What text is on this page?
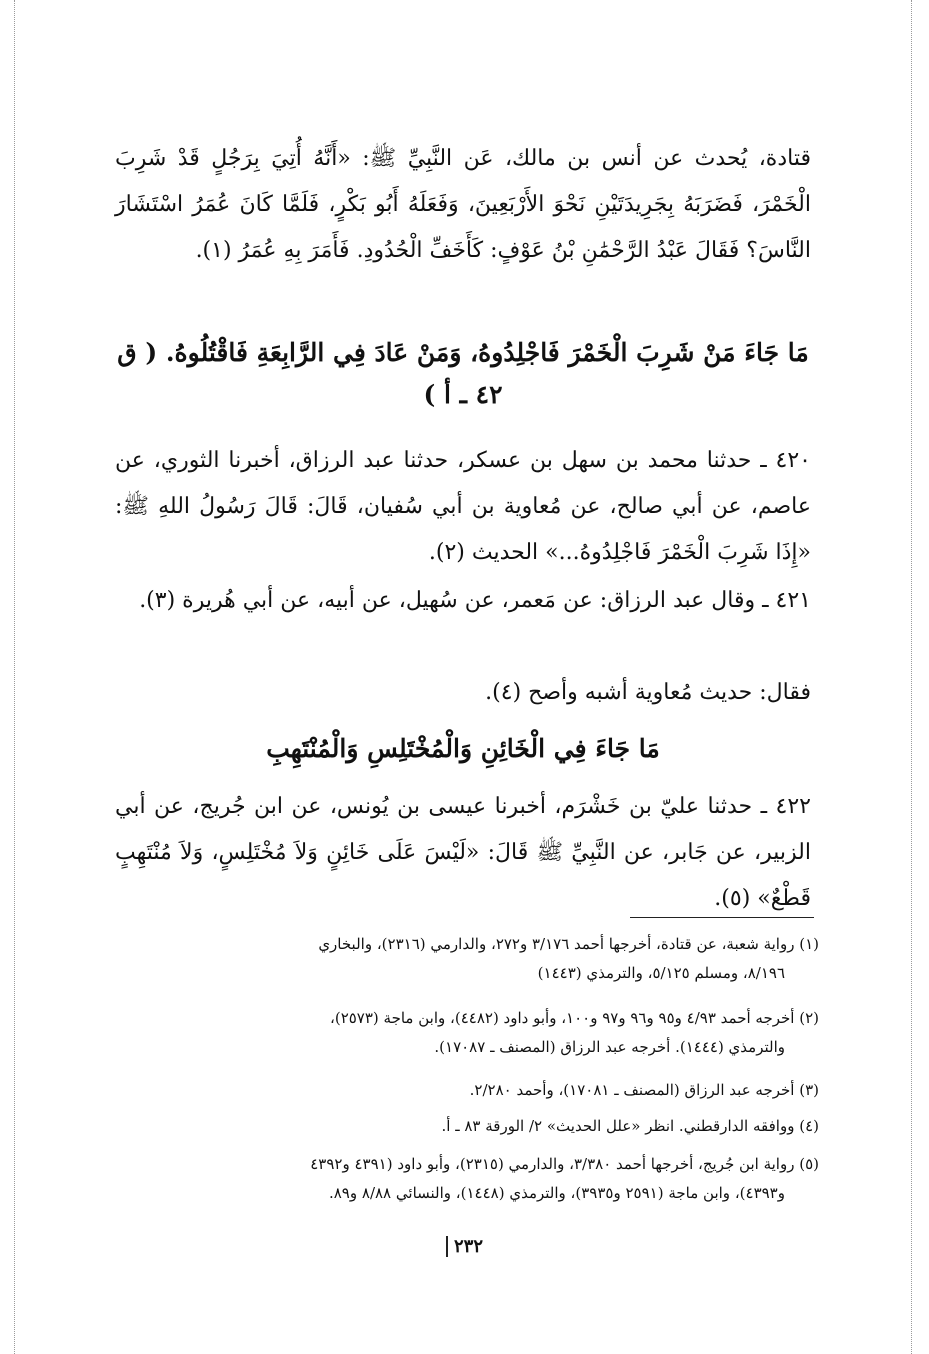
قتادة، يُحدث عن أنس بن مالك، عَن النَّبِيِّ ﷺ: «أَنَّهُ أُتِيَ بِرَجُلٍ قَدْ شَرِبَ الْخَمْرَ، فَضَرَبَهُ بِجَرِيدَتَيْنِ نَحْوَ الأَرْبَعِينَ، وَفَعَلَهُ أَبُو بَكْرٍ، فَلَمَّا كَانَ عُمَرُ اسْتَشَارَ النَّاسَ؟ فَقَالَ عَبْدُ الرَّحْمَٰنِ بْنُ عَوْفٍ: كَأَخَفِّ الْحُدُودِ. فَأَمَرَ بِهِ عُمَرُ (١).

مَا جَاءَ مَنْ شَرِبَ الْخَمْرَ فَاجْلِدُوهُ، وَمَنْ عَادَ فِي الرَّابِعَةِ فَاقْتُلُوهُ. ( ق ٤٢ ـ أ )

٤٢٠ ـ حدثنا محمد بن سهل بن عسكر، حدثنا عبد الرزاق، أخبرنا الثوري، عن عاصم، عن أبي صالح، عن مُعاوية بن أبي سُفيان، قَالَ: قَالَ رَسُولُ اللهِ ﷺ: «إِذَا شَرِبَ الْخَمْرَ فَاجْلِدُوهُ...» الحديث (٢).

٤٢١ ـ وقال عبد الرزاق: عن مَعمر، عن سُهيل، عن أبيه، عن أبي هُريرة (٣).

فقال: حديث مُعاوية أشبه وأصح (٤).

مَا جَاءَ فِي الْخَائِنِ وَالْمُخْتَلِسِ وَالْمُنْتَهِبِ

٤٢٢ ـ حدثنا عليّ بن خَشْرَم، أخبرنا عيسى بن يُونس، عن ابن جُريج، عن أبي الزبير، عن جَابر، عن النَّبِيِّ ﷺ قَالَ: «لَيْسَ عَلَى خَائِنٍ وَلاَ مُخْتَلِسٍ، وَلاَ مُنْتَهِبٍ قَطْعٌ» (٥).

(١) رواية شعبة، عن قتادة، أخرجها أحمد ٣/١٧٦ و٢٧٢، والدارمي (٢٣١٦)، والبخاري
٨/١٩٦، ومسلم ٥/١٢٥، والترمذي (١٤٤٣)

(٢) أخرجه أحمد ٤/٩٣ و٩٥ و٩٦ و٩٧ و١٠٠، وأبو داود (٤٤٨٢)، وابن ماجة (٢٥٧٣)،
والترمذي (١٤٤٤). أخرجه عبد الرزاق (المصنف ـ ١٧٠٨٧).

(٣) أخرجه عبد الرزاق (المصنف ـ ١٧٠٨١)، وأحمد ٢/٢٨٠.

(٤) ووافقه الدارقطني. انظر «علل الحديث» ٢/ الورقة ٨٣ ـ أ.

(٥) رواية ابن جُريج، أخرجها أحمد ٣/٣٨٠، والدارمي (٢٣١٥)، وأبو داود (٤٣٩١ و٤٣٩٢
و٤٣٩٣)، وابن ماجة (٢٥٩١ و٣٩٣٥)، والترمذي (١٤٤٨)، والنسائي ٨/٨٨ و٨٩.

٢٣٢
